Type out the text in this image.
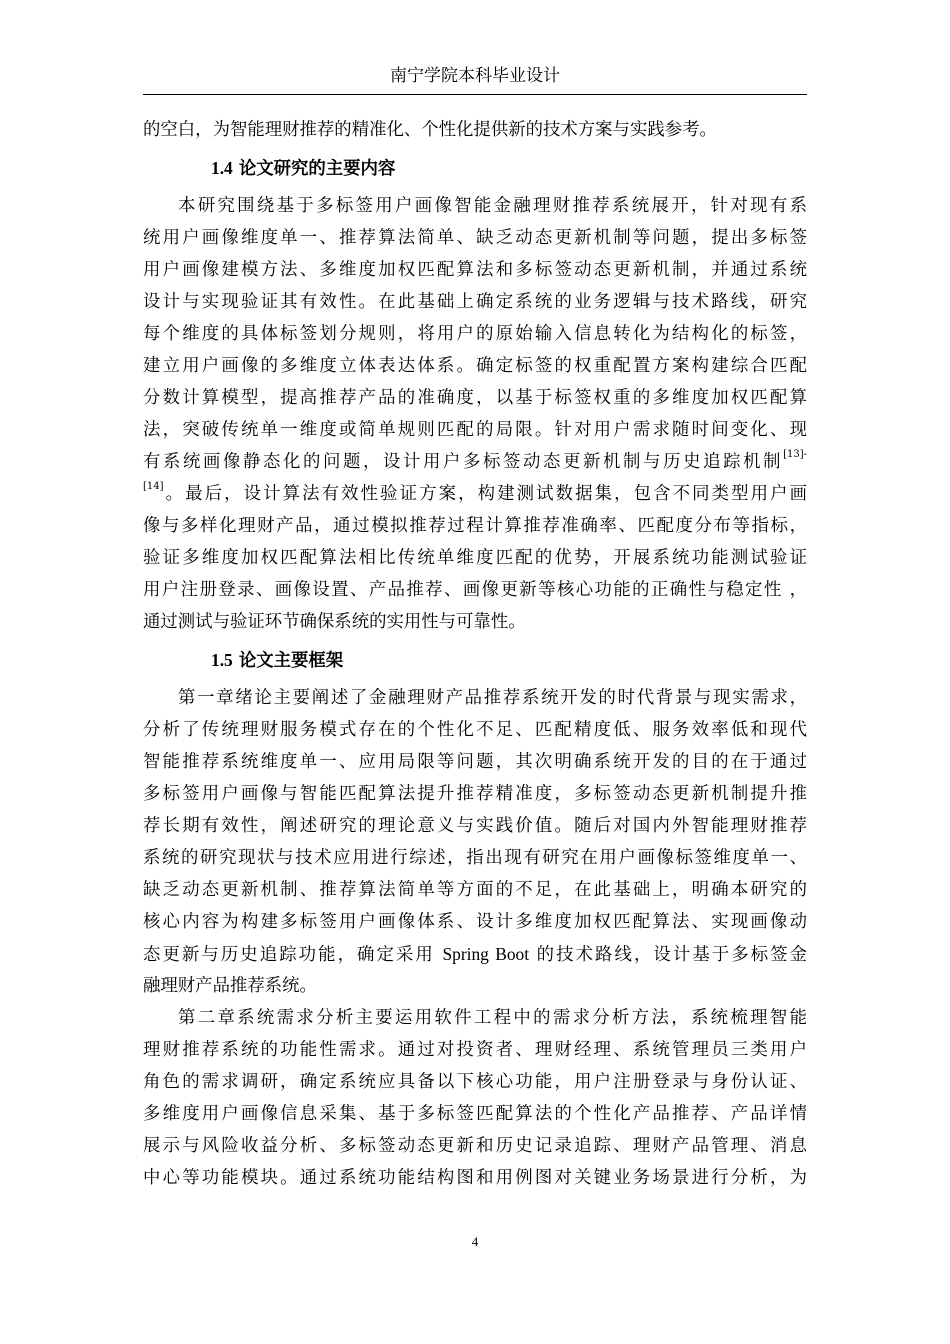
南宁学院本科毕业设计
的空白，为智能理财推荐的精准化、个性化提供新的技术方案与实践参考。
1.4 论文研究的主要内容
本研究围绕基于多标签用户画像智能金融理财推荐系统展开，针对现有系
统用户画像维度单一、推荐算法简单、缺乏动态更新机制等问题，提出多标签
用户画像建模方法、多维度加权匹配算法和多标签动态更新机制，并通过系统
设计与实现验证其有效性。在此基础上确定系统的业务逻辑与技术路线，研究
每个维度的具体标签划分规则，将用户的原始输入信息转化为结构化的标签，
建立用户画像的多维度立体表达体系。确定标签的权重配置方案构建综合匹配
分数计算模型，提高推荐产品的准确度，以基于标签权重的多维度加权匹配算
法，突破传统单一维度或简单规则匹配的局限。针对用户需求随时间变化、现
有系统画像静态化的问题，设计用户多标签动态更新机制与历史追踪机制$^{[13]-}$
[14]。最后，设计算法有效性验证方案，构建测试数据集，包含不同类型用户画
像与多样化理财产品，通过模拟推荐过程计算推荐准确率、匹配度分布等指标，
验证多维度加权匹配算法相比传统单维度匹配的优势，开展系统功能测试验证
用户注册登录、画像设置、产品推荐、画像更新等核心功能的正确性与稳定性 ，
通过测试与验证环节确保系统的实用性与可靠性。
1.5 论文主要框架
第一章绪论主要阐述了金融理财产品推荐系统开发的时代背景与现实需求，
分析了传统理财服务模式存在的个性化不足、匹配精度低、服务效率低和现代
智能推荐系统维度单一、应用局限等问题，其次明确系统开发的目的在于通过
多标签用户画像与智能匹配算法提升推荐精准度，多标签动态更新机制提升推
荐长期有效性，阐述研究的理论意义与实践价值。随后对国内外智能理财推荐
系统的研究现状与技术应用进行综述，指出现有研究在用户画像标签维度单一、
缺乏动态更新机制、推荐算法简单等方面的不足，在此基础上，明确本研究的
核心内容为构建多标签用户画像体系、设计多维度加权匹配算法、实现画像动
态更新与历史追踪功能，确定采用 Spring Boot 的技术路线，设计基于多标签金
融理财产品推荐系统。
第二章系统需求分析主要运用软件工程中的需求分析方法，系统梳理智能
理财推荐系统的功能性需求。通过对投资者、理财经理、系统管理员三类用户
角色的需求调研，确定系统应具备以下核心功能，用户注册登录与身份认证、
多维度用户画像信息采集、基于多标签匹配算法的个性化产品推荐、产品详情
展示与风险收益分析、多标签动态更新和历史记录追踪、理财产品管理、消息
中心等功能模块。通过系统功能结构图和用例图对关键业务场景进行分析，为
4
